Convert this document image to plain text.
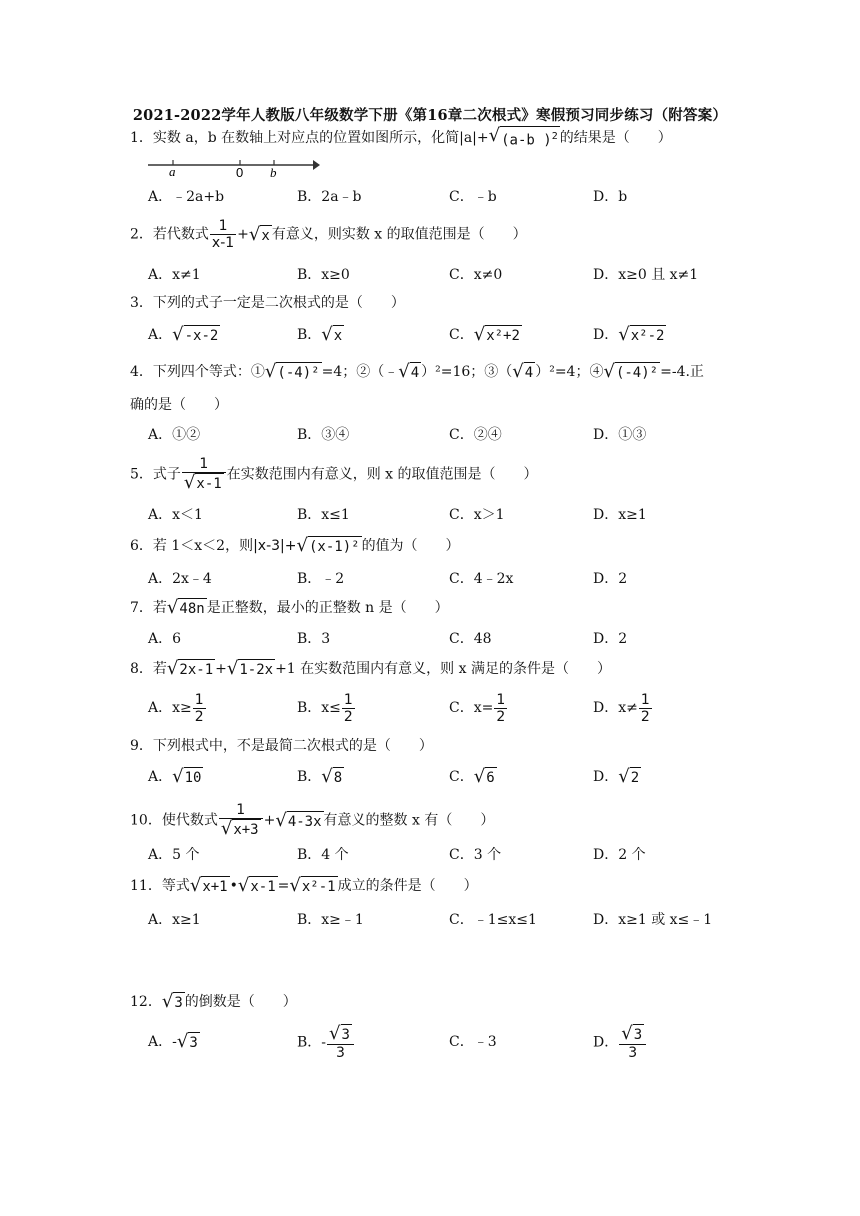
2021-2022学年人教版八年级数学下册《第16章二次根式》寒假预习同步练习（附答案）
1．实数 a，b 在数轴上对应点的位置如图所示，化简|a|+ √ (a-b )$^2$ 的结果是（　　）
a	0 b
A．﹣2a+b	B．2a﹣b	C．﹣b	D．b
2．若代数式 $\frac{1}{x-1}$ + √ x 有意义，则实数 x 的取值范围是（　　）
A．x≠1	B．x≥0	C．x≠0	D．x≥0 且 x≠1
3．下列的式子一定是二次根式的是（　　）
A． √ -x-2	B． √ x	C． √ x²+2	D． √ x²-2
4．下列四个等式：① √ (-4)² =4；②（﹣ √ 4 ）²=16；③（ √ 4 ）²=4；④ √ (-4)² =-4.正
确的是（　　）
A．①②	B．③④	C．②④	D．①③
5．式子 $\frac{1}{√ x-1}$ 在实数范围内有意义，则 x 的取值范围是（　　）
A．x＜1	B．x≤1	C．x＞1	D．x≥1
6．若 1＜x＜2，则|x-3|+ √ (x-1)² 的值为（　　）
A．2x﹣4	B．﹣2	C．4﹣2x	D．2
7．若 √ 48n 是正整数，最小的正整数 n 是（　　）
A．6	B．3	C．48	D．2
8．若 √ 2x-1 + √ 1-2x +1 在实数范围内有意义，则 x 满足的条件是（　　）
A．$x\ge \frac{1}{2}$	B．$x\le \frac{1}{2}$	C．$x= \frac{1}{2}$	D．$x\ne \frac{1}{2}$
9．下列根式中，不是最简二次根式的是（　　）
A． √ 10	B． √ 8	C． √ 6	D． √ 2
10．使代数式 $\frac{1}{√ x+3}$ + √ 4-3x 有意义的整数 x 有（　　）
A．5 个	B．4 个	C．3 个	D．2 个
11．等式 √ x+1 • √ x-1 = √ x²-1 成立的条件是（　　）
A．x≥1	B．x≥﹣1	C．﹣1≤x≤1	D．x≥1 或 x≤﹣1
12． √ 3 的倒数是（　　）
A．- √ 3	B．- $\frac{√ 3}{3}$	C．﹣3	D． $\frac{√ 3}{3}$
